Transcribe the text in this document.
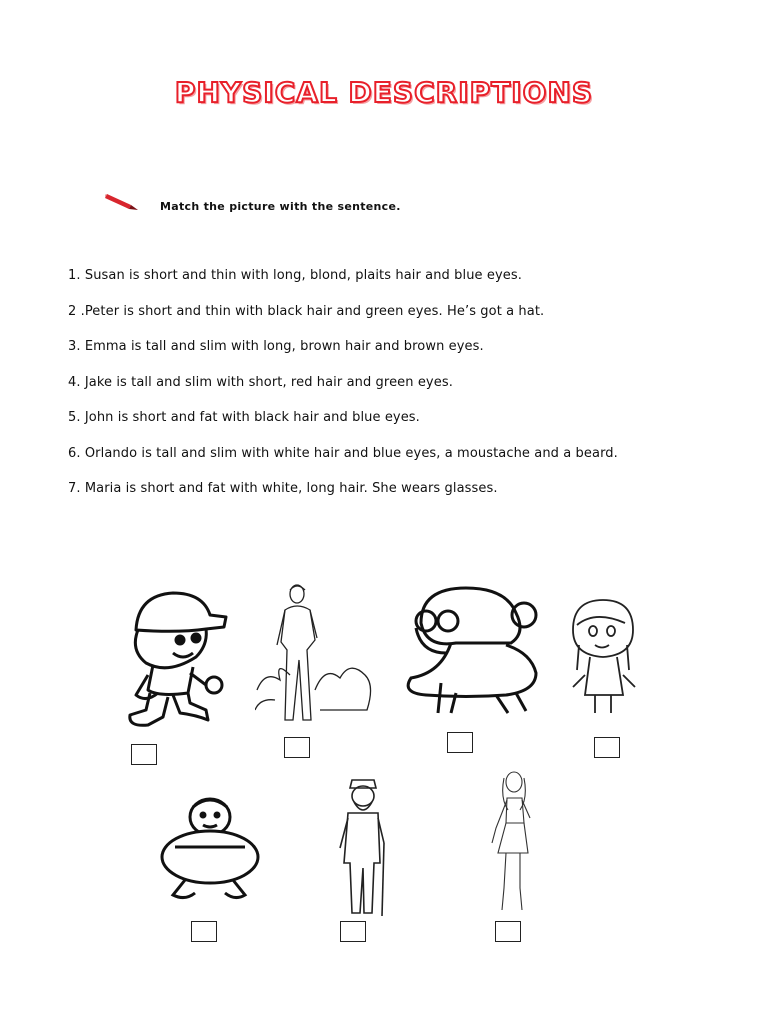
PHYSICAL DESCRIPTIONS
Match the picture with the sentence.
1. Susan is short and thin with long, blond, plaits hair and blue eyes.
2 .Peter is short and thin with black hair and green eyes. He’s got a hat.
3. Emma is tall and slim with long, brown hair and brown eyes.
4. Jake is tall and slim with short, red hair and green eyes.
5. John is short and fat with black hair and blue eyes.
6. Orlando is tall and slim with white hair and blue eyes, a moustache and a beard.
7. Maria is short and fat with white, long hair. She wears glasses.
